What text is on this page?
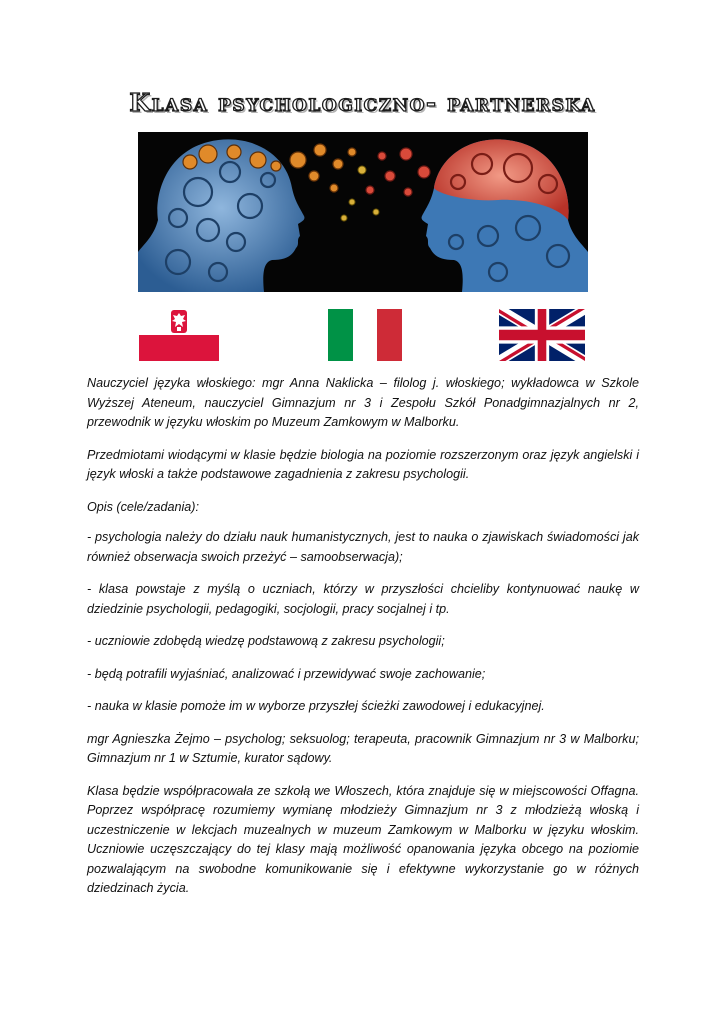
Klasa psychologiczno- partnerska

Nauczyciel języka włoskiego: mgr Anna Naklicka – filolog j. włoskiego; wykładowca w Szkole Wyższej Ateneum, nauczyciel Gimnazjum nr 3 i Zespołu Szkół Ponadgimnazjalnych nr 2, przewodnik w języku włoskim po Muzeum Zamkowym w Malborku.

Przedmiotami wiodącymi w klasie będzie biologia na poziomie rozszerzonym oraz język angielski i język włoski a także podstawowe zagadnienia z zakresu psychologii.

Opis (cele/zadania):

- psychologia należy do działu nauk humanistycznych, jest to nauka o zjawiskach świadomości jak również obserwacja swoich przeżyć – samoobserwacja);

- klasa powstaje z myślą o uczniach, którzy w przyszłości chcieliby kontynuować naukę w dziedzinie psychologii, pedagogiki, socjologii, pracy socjalnej i tp.

- uczniowie zdobędą wiedzę podstawową z zakresu psychologii;

- będą potrafili wyjaśniać, analizować i przewidywać swoje zachowanie;

- nauka w klasie pomoże im w wyborze przyszłej ścieżki zawodowej i edukacyjnej.

mgr Agnieszka Żejmo – psycholog; seksuolog; terapeuta, pracownik Gimnazjum nr 3 w Malborku; Gimnazjum nr 1 w Sztumie, kurator sądowy.

Klasa będzie współpracowała ze szkołą we Włoszech, która znajduje się w miejscowości Offagna. Poprzez współpracę rozumiemy wymianę młodzieży Gimnazjum nr 3 z młodzieżą włoską i uczestniczenie w lekcjach muzealnych w muzeum Zamkowym w Malborku w języku włoskim. Uczniowie uczęszczający do tej klasy mają możliwość opanowania języka obcego na poziomie pozwalającym na swobodne komunikowanie się i efektywne wykorzystanie go w różnych dziedzinach życia.
